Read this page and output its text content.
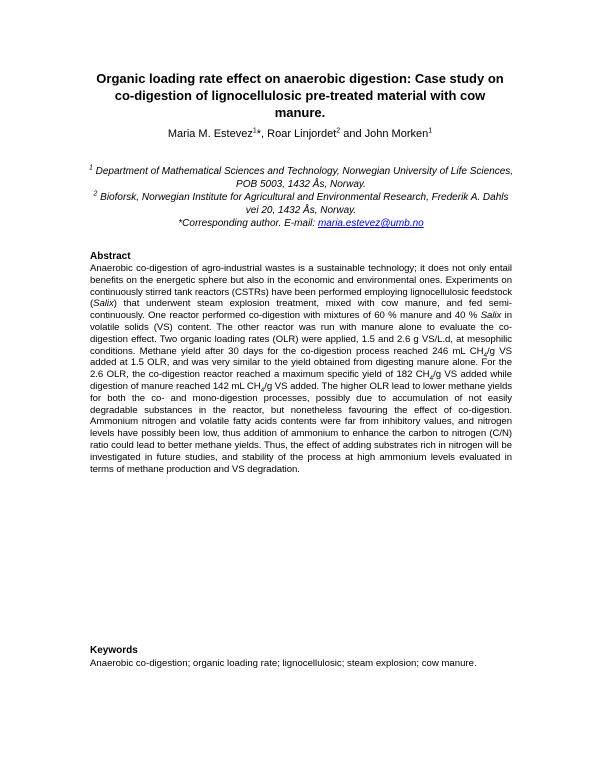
Organic loading rate effect on anaerobic digestion: Case study on co-digestion of lignocellulosic pre-treated material with cow manure.
Maria M. Estevez$^1$*, Roar Linjordet$^2$ and John Morken$^1$

$^1$ Department of Mathematical Sciences and Technology, Norwegian University of Life Sciences, POB 5003, 1432 Ås, Norway.

$^2$ Bioforsk, Norwegian Institute for Agricultural and Environmental Research, Frederik A. Dahls vei 20, 1432 Ås, Norway.

*Corresponding author. E-mail: maria.estevez@umb.no

Abstract
Anaerobic co-digestion of agro-industrial wastes is a sustainable technology; it does not only entail benefits on the energetic sphere but also in the economic and environmental ones. Experiments on continuously stirred tank reactors (CSTRs) have been performed employing lignocellulosic feedstock (Salix) that underwent steam explosion treatment, mixed with cow manure, and fed semi-continuously. One reactor performed co-digestion with mixtures of 60 % manure and 40 % Salix in volatile solids (VS) content. The other reactor was run with manure alone to evaluate the co-digestion effect. Two organic loading rates (OLR) were applied, 1.5 and 2.6 g VS/L.d, at mesophilic conditions. Methane yield after 30 days for the co-digestion process reached 246 mL $CH_4/g$ VS added at 1.5 OLR, and was very similar to the yield obtained from digesting manure alone. For the 2.6 OLR, the co-digestion reactor reached a maximum specific yield of 182 $CH_4/g$ VS added while digestion of manure reached 142 mL $CH_4/g$ VS added. The higher OLR lead to lower methane yields for both the co- and mono-digestion processes, possibly due to accumulation of not easily degradable substances in the reactor, but nonetheless favouring the effect of co-digestion. Ammonium nitrogen and volatile fatty acids contents were far from inhibitory values, and nitrogen levels have possibly been low, thus addition of ammonium to enhance the carbon to nitrogen (C/N) ratio could lead to better methane yields. Thus, the effect of adding substrates rich in nitrogen will be investigated in future studies, and stability of the process at high ammonium levels evaluated in terms of methane production and VS degradation.
Keywords
Anaerobic co-digestion; organic loading rate; lignocellulosic; steam explosion; cow manure.
